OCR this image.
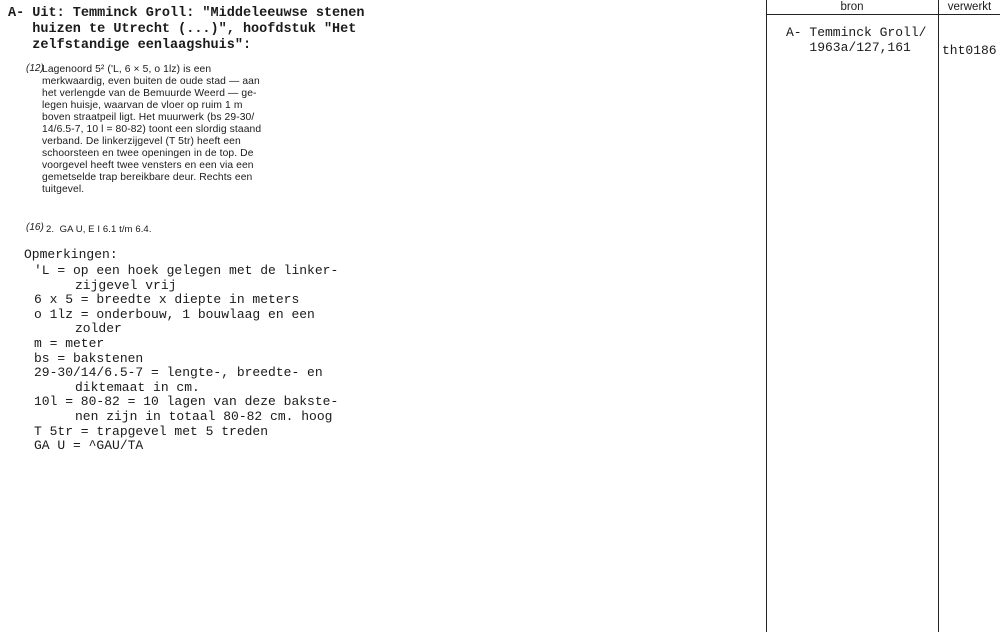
A- Uit: Temminck Groll: "Middeleeuwse stenen
huizen te Utrecht (...)", hoofdstuk "Het
zelfstandige eenlaagshuis":
(12)
Lagenoord 5² ('L, 6 × 5, o 1lz) is een
merkwaardig, even buiten de oude stad — aan
het verlengde van de Bemuurde Weerd — ge-
legen huisje, waarvan de vloer op ruim 1 m
boven straatpeil ligt. Het muurwerk (bs 29-30/
14/6.5-7, 10 l = 80-82) toont een slordig staand
verband. De linkerzijgevel (T 5tr) heeft een
schoorsteen en twee openingen in de top. De
voorgevel heeft twee vensters en een via een
gemetselde trap bereikbare deur. Rechts een
tuitgevel.
(16) 2.  GA U, E I 6.1 t/m 6.4.
Opmerkingen:
'L = op een hoek gelegen met de linker-
zijgevel vrij
6 x 5 = breedte x diepte in meters
o 1lz = onderbouw, 1 bouwlaag en een
zolder
m = meter
bs = bakstenen
29-30/14/6.5-7 = lengte-, breedte- en
diktemaat in cm.
10l = 80-82 = 10 lagen van deze bakste-
nen zijn in totaal 80-82 cm. hoog
T 5tr = trapgevel met 5 treden
GA U = ^GAU/TA
bron	verwerkt
A- Temminck Groll/
1963a/127,161 tht0186
